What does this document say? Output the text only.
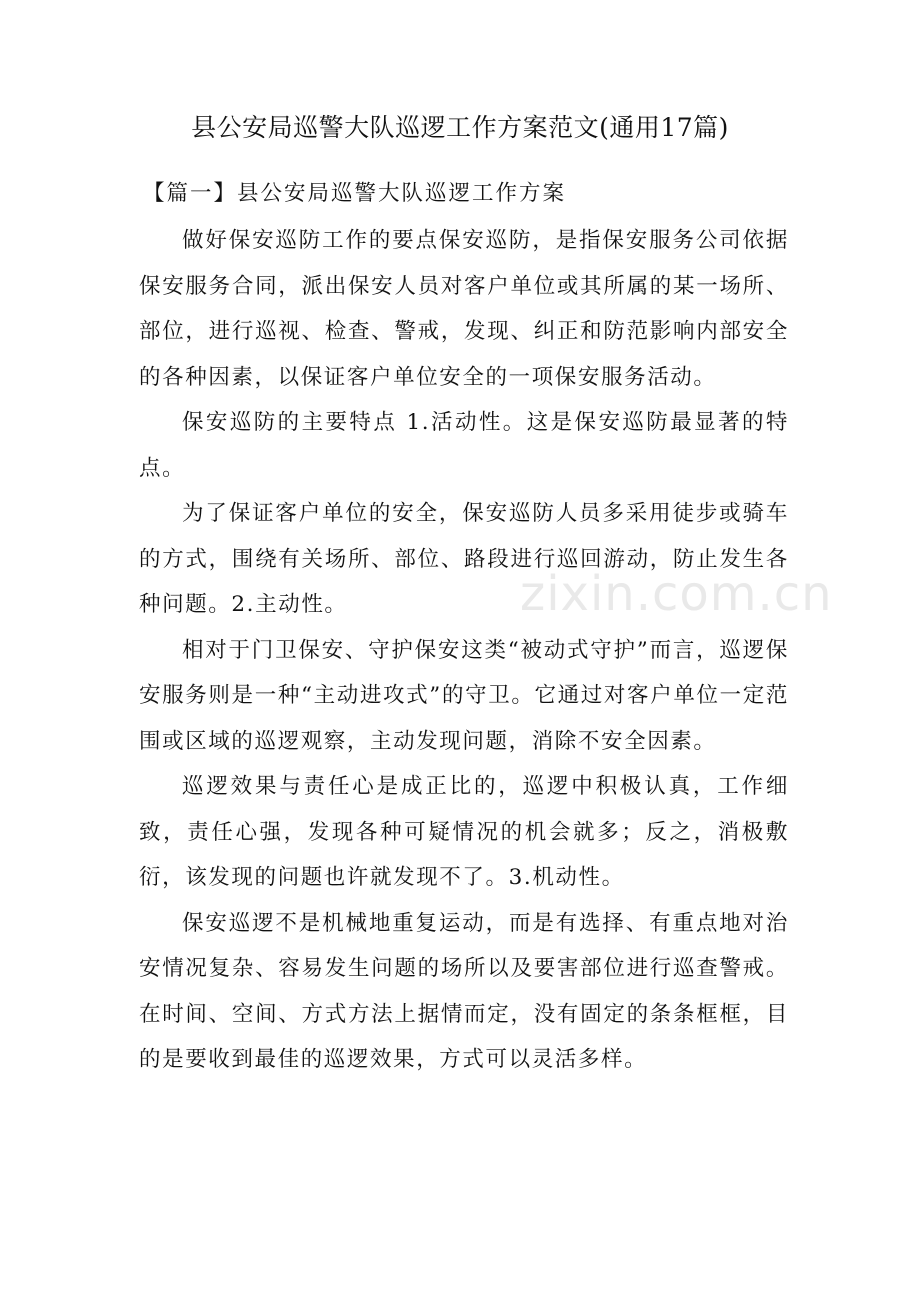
zixin.com.cn
县公安局巡警大队巡逻工作方案范文(通用17篇)

【篇一】县公安局巡警大队巡逻工作方案

做好保安巡防工作的要点保安巡防，是指保安服务公司依据保安服务合同，派出保安人员对客户单位或其所属的某一场所、部位，进行巡视、检查、警戒，发现、纠正和防范影响内部安全的各种因素，以保证客户单位安全的一项保安服务活动。

保安巡防的主要特点 1.活动性。这是保安巡防最显著的特点。

为了保证客户单位的安全，保安巡防人员多采用徒步或骑车的方式，围绕有关场所、部位、路段进行巡回游动，防止发生各种问题。2.主动性。

相对于门卫保安、守护保安这类“被动式守护”而言，巡逻保安服务则是一种“主动进攻式”的守卫。它通过对客户单位一定范围或区域的巡逻观察，主动发现问题，消除不安全因素。

巡逻效果与责任心是成正比的，巡逻中积极认真，工作细致，责任心强，发现各种可疑情况的机会就多；反之，消极敷衍，该发现的问题也许就发现不了。3.机动性。

保安巡逻不是机械地重复运动，而是有选择、有重点地对治安情况复杂、容易发生问题的场所以及要害部位进行巡查警戒。在时间、空间、方式方法上据情而定，没有固定的条条框框，目的是要收到最佳的巡逻效果，方式可以灵活多样。
